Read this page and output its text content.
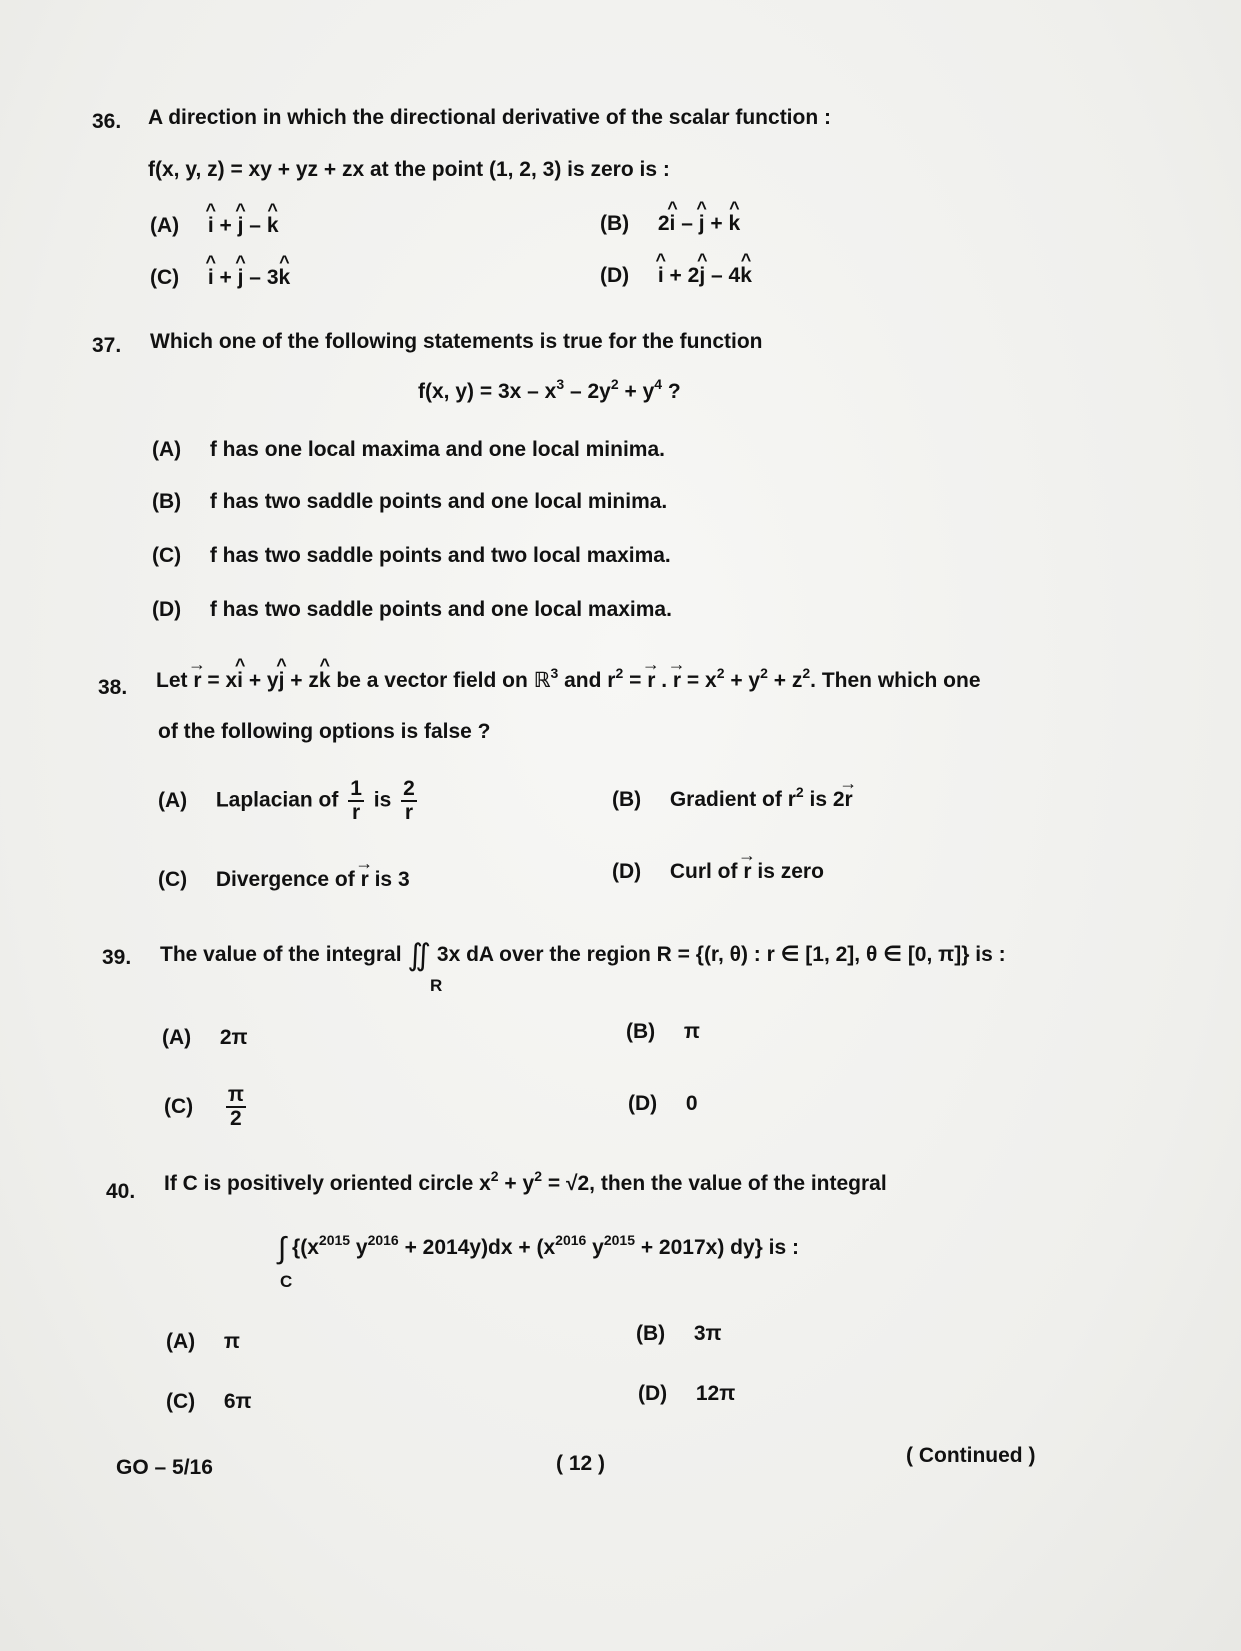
36. A direction in which the directional derivative of the scalar function :
f(x, y, z) = xy + yz + zx at the point (1, 2, 3) is zero is :
(A) ^ i + ^ j – ^ k	(B) 2^ i – ^ j + ^ k
(C) ^ i + ^ j – 3^ k	(D) ^ i + 2^ j – 4^ k
37. Which one of the following statements is true for the function
f(x, $y) = 3x - x^3 - 2y^2 + y^4$ ?
(A) f has one local maxima and one local minima.
(B) f has two saddle points and one local minima.
(C) f has two saddle points and two local maxima.
(D) f has two saddle points and one local maxima.
38. Let → r = x^ i + y^ j + z^ k be a vector field on ℝ$^3$ and $r^2$ = → r . → $r = x^2 + y^2 + z^2$. Then which one
of the following options is false ?
(A) Laplacian of $\frac{1}{r}$ is $\frac{2}{r}$	(B) Gradient of $r^2$ is 2→ r
(C) Divergence of → r is 3	(D) Curl of → r is zero
39. The value of the integral ∬ 3x dA over the region R = {(r, θ) : r ∈ [1, 2], θ ∈ [0, π]} is :
R
(A) 2π	(B) π
$(C) \frac{\pi}{2}$	(D) 0
40. If C is positively oriented circle $x^2 + y^2 = √2$, then the value of the integral
∫ {($x^{2015}$ $y^{2016} + 2014y)dx + (x^{2016}$ $y^{2015} + 2017x$) dy} is :
C
(A) π	(B) 3π
(C) 6π	(D) 12π
GO – 5/16	( 12 )	( Continued )
